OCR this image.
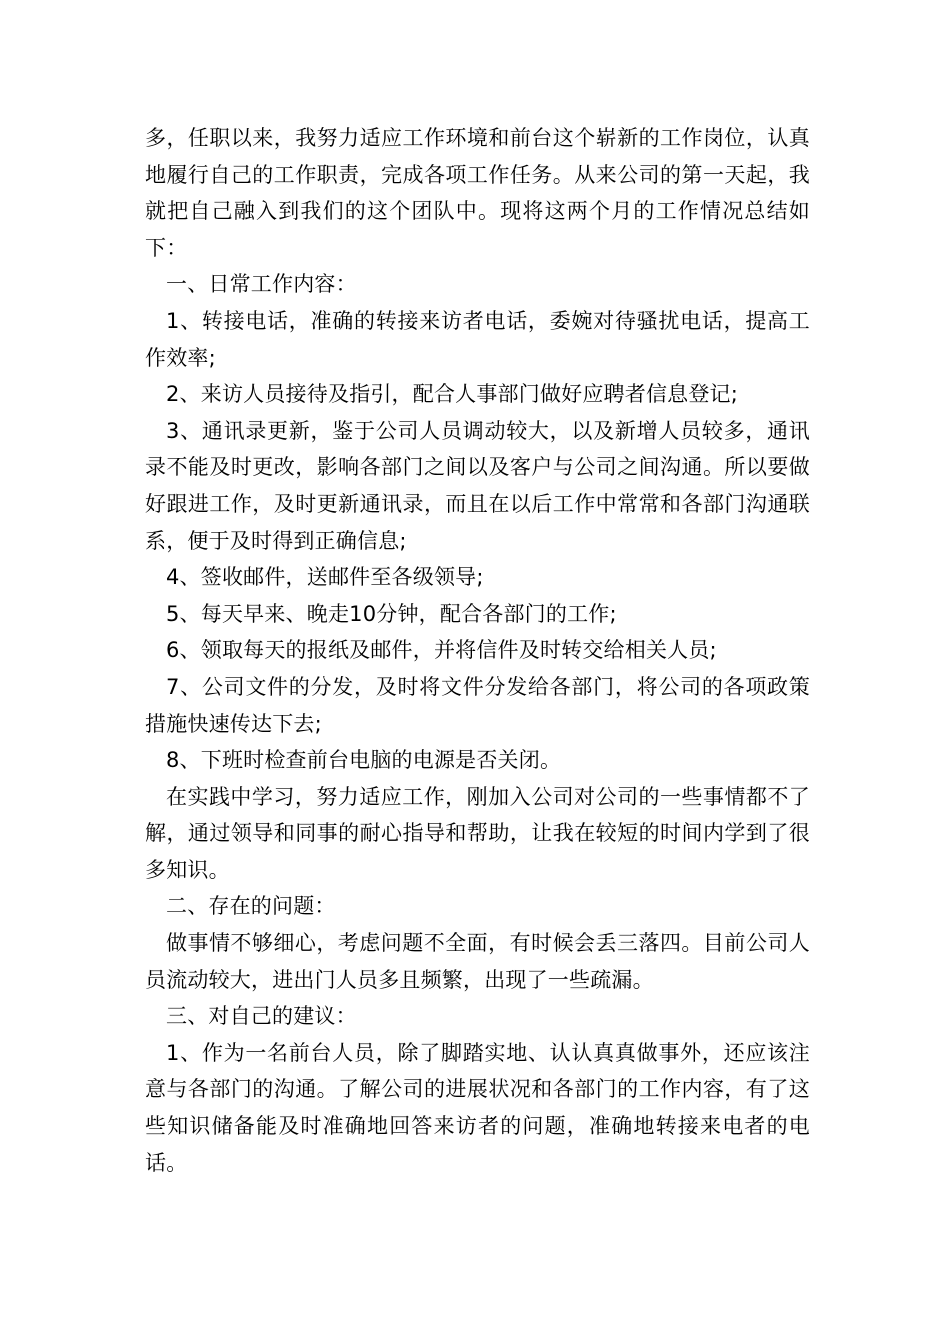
多，任职以来，我努力适应工作环境和前台这个崭新的工作岗位，认真地履行自己的工作职责，完成各项工作任务。从来公司的第一天起，我就把自己融入到我们的这个团队中。现将这两个月的工作情况总结如下：

一、日常工作内容：

1、转接电话，准确的转接来访者电话，委婉对待骚扰电话，提高工作效率;

2、来访人员接待及指引，配合人事部门做好应聘者信息登记;

3、通讯录更新，鉴于公司人员调动较大，以及新增人员较多，通讯录不能及时更改，影响各部门之间以及客户与公司之间沟通。所以要做好跟进工作，及时更新通讯录，而且在以后工作中常常和各部门沟通联系，便于及时得到正确信息;

4、签收邮件，送邮件至各级领导;

5、每天早来、晚走10分钟，配合各部门的工作;

6、领取每天的报纸及邮件，并将信件及时转交给相关人员;

7、公司文件的分发，及时将文件分发给各部门，将公司的各项政策措施快速传达下去;

8、下班时检查前台电脑的电源是否关闭。

在实践中学习，努力适应工作，刚加入公司对公司的一些事情都不了解，通过领导和同事的耐心指导和帮助，让我在较短的时间内学到了很多知识。

二、存在的问题：

做事情不够细心，考虑问题不全面，有时候会丢三落四。目前公司人员流动较大，进出门人员多且频繁，出现了一些疏漏。

三、对自己的建议：

1、作为一名前台人员，除了脚踏实地、认认真真做事外，还应该注意与各部门的沟通。了解公司的进展状况和各部门的工作内容，有了这些知识储备能及时准确地回答来访者的问题，准确地转接来电者的电话。
